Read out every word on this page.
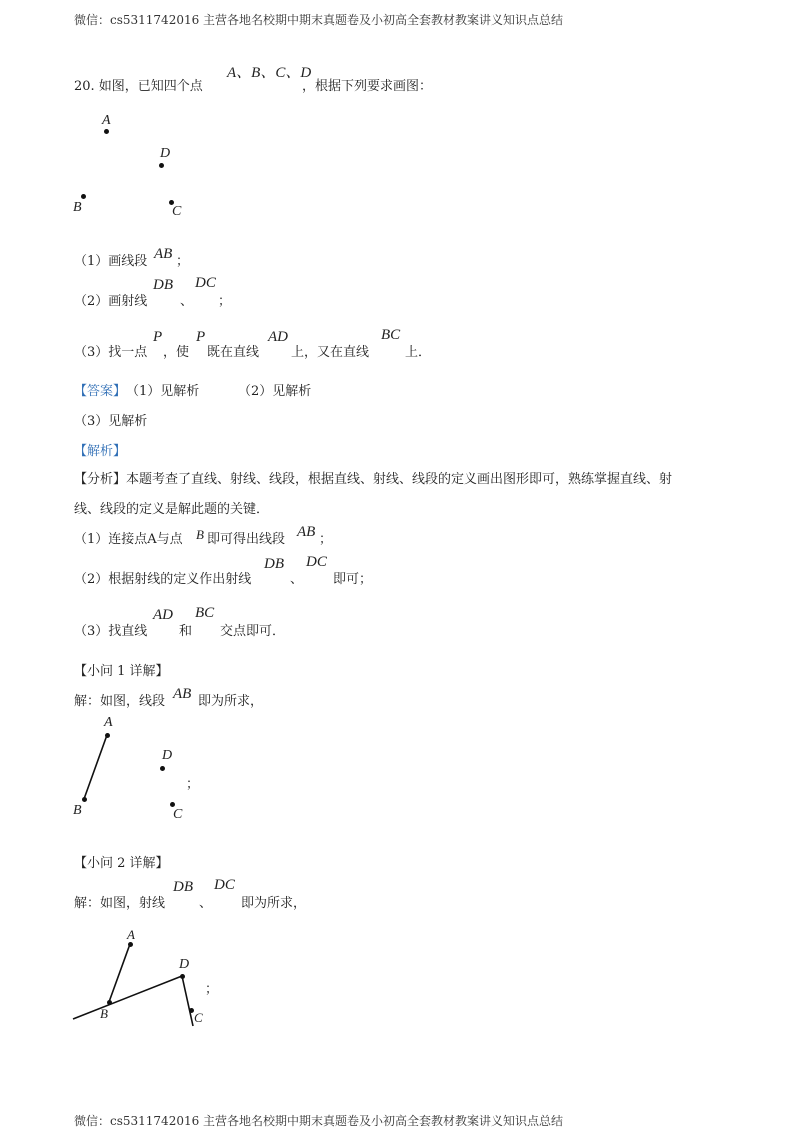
微信：cs5311742016 主营各地名校期中期末真题卷及小初高全套教材教案讲义知识点总结
20. 如图，已知四个点
A、B、C、D
，根据下列要求画图：
A
D
B	C
（1）画线段 AB ；
（2）画射线
DB
、
DC
；
（3）找一点
P
，使
P
既在直线
AD
上，又在直线
BC
上．
【答案】 （1）见解析	（2）见解析
（3）见解析
【解析】
【分析】本题考查了直线、射线、线段，根据直线、射线、线段的定义画出图形即可，熟练掌握直线、射
线、线段的定义是解此题的关键．
（1）连接点A与点 B 即可得出线段 AB ；
（2）根据射线的定义作出射线
DB
、
DC
即可；
（3）找直线
AD
和
BC
交点即可．
【小问 1 详解】
解：如图，线段 AB 即为所求，
A
D
；
B	C
【小问 2 详解】
解：如图，射线
DB
、
DC
即为所求，
A
D
；
B	C
微信：cs5311742016 主营各地名校期中期末真题卷及小初高全套教材教案讲义知识点总结
